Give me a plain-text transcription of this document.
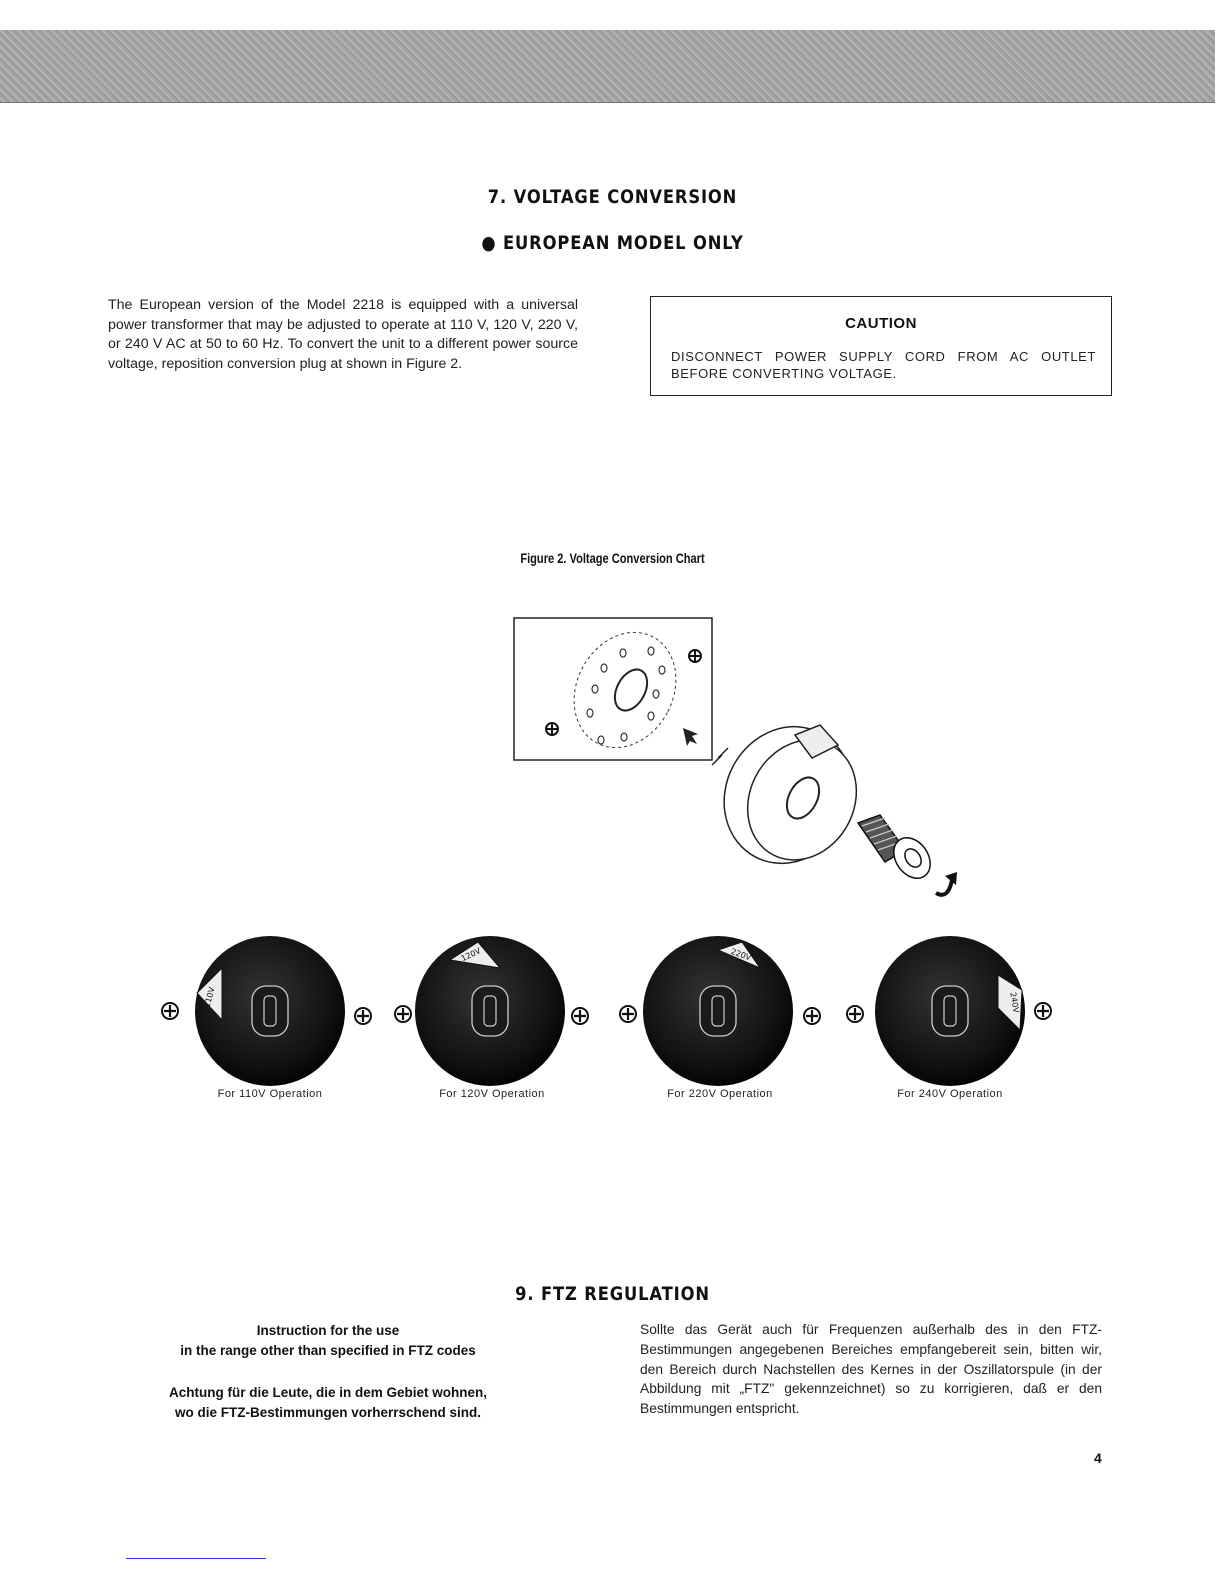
7. VOLTAGE CONVERSION
● EUROPEAN MODEL ONLY
The European version of the Model 2218 is equipped with a universal power transformer that may be adjusted to operate at 110 V, 120 V, 220 V, or 240 V AC at 50 to 60 Hz. To convert the unit to a different power source voltage, reposition conversion plug at shown in Figure 2.
CAUTION
DISCONNECT POWER SUPPLY CORD FROM AC OUTLET BEFORE CONVERTING VOLTAGE.
Figure 2. Voltage Conversion Chart
110V
120V	220V
240V
For 110V Operation	For 120V Operation	For 220V Operation	For 240V Operation
9. FTZ REGULATION
Instruction for the use
in the range other than specified in FTZ codes
Achtung für die Leute, die in dem Gebiet wohnen,
wo die FTZ-Bestimmungen vorherrschend sind.
Sollte das Gerät auch für Frequenzen außerhalb des in den FTZ-Bestimmungen angegebenen Bereiches empfangebereit sein, bitten wir, den Bereich durch Nachstellen des Kernes in der Oszillatorspule (in der Abbildung mit „FTZ" gekennzeichnet) so zu korrigieren, daß er den Bestimmungen entspricht.
4
